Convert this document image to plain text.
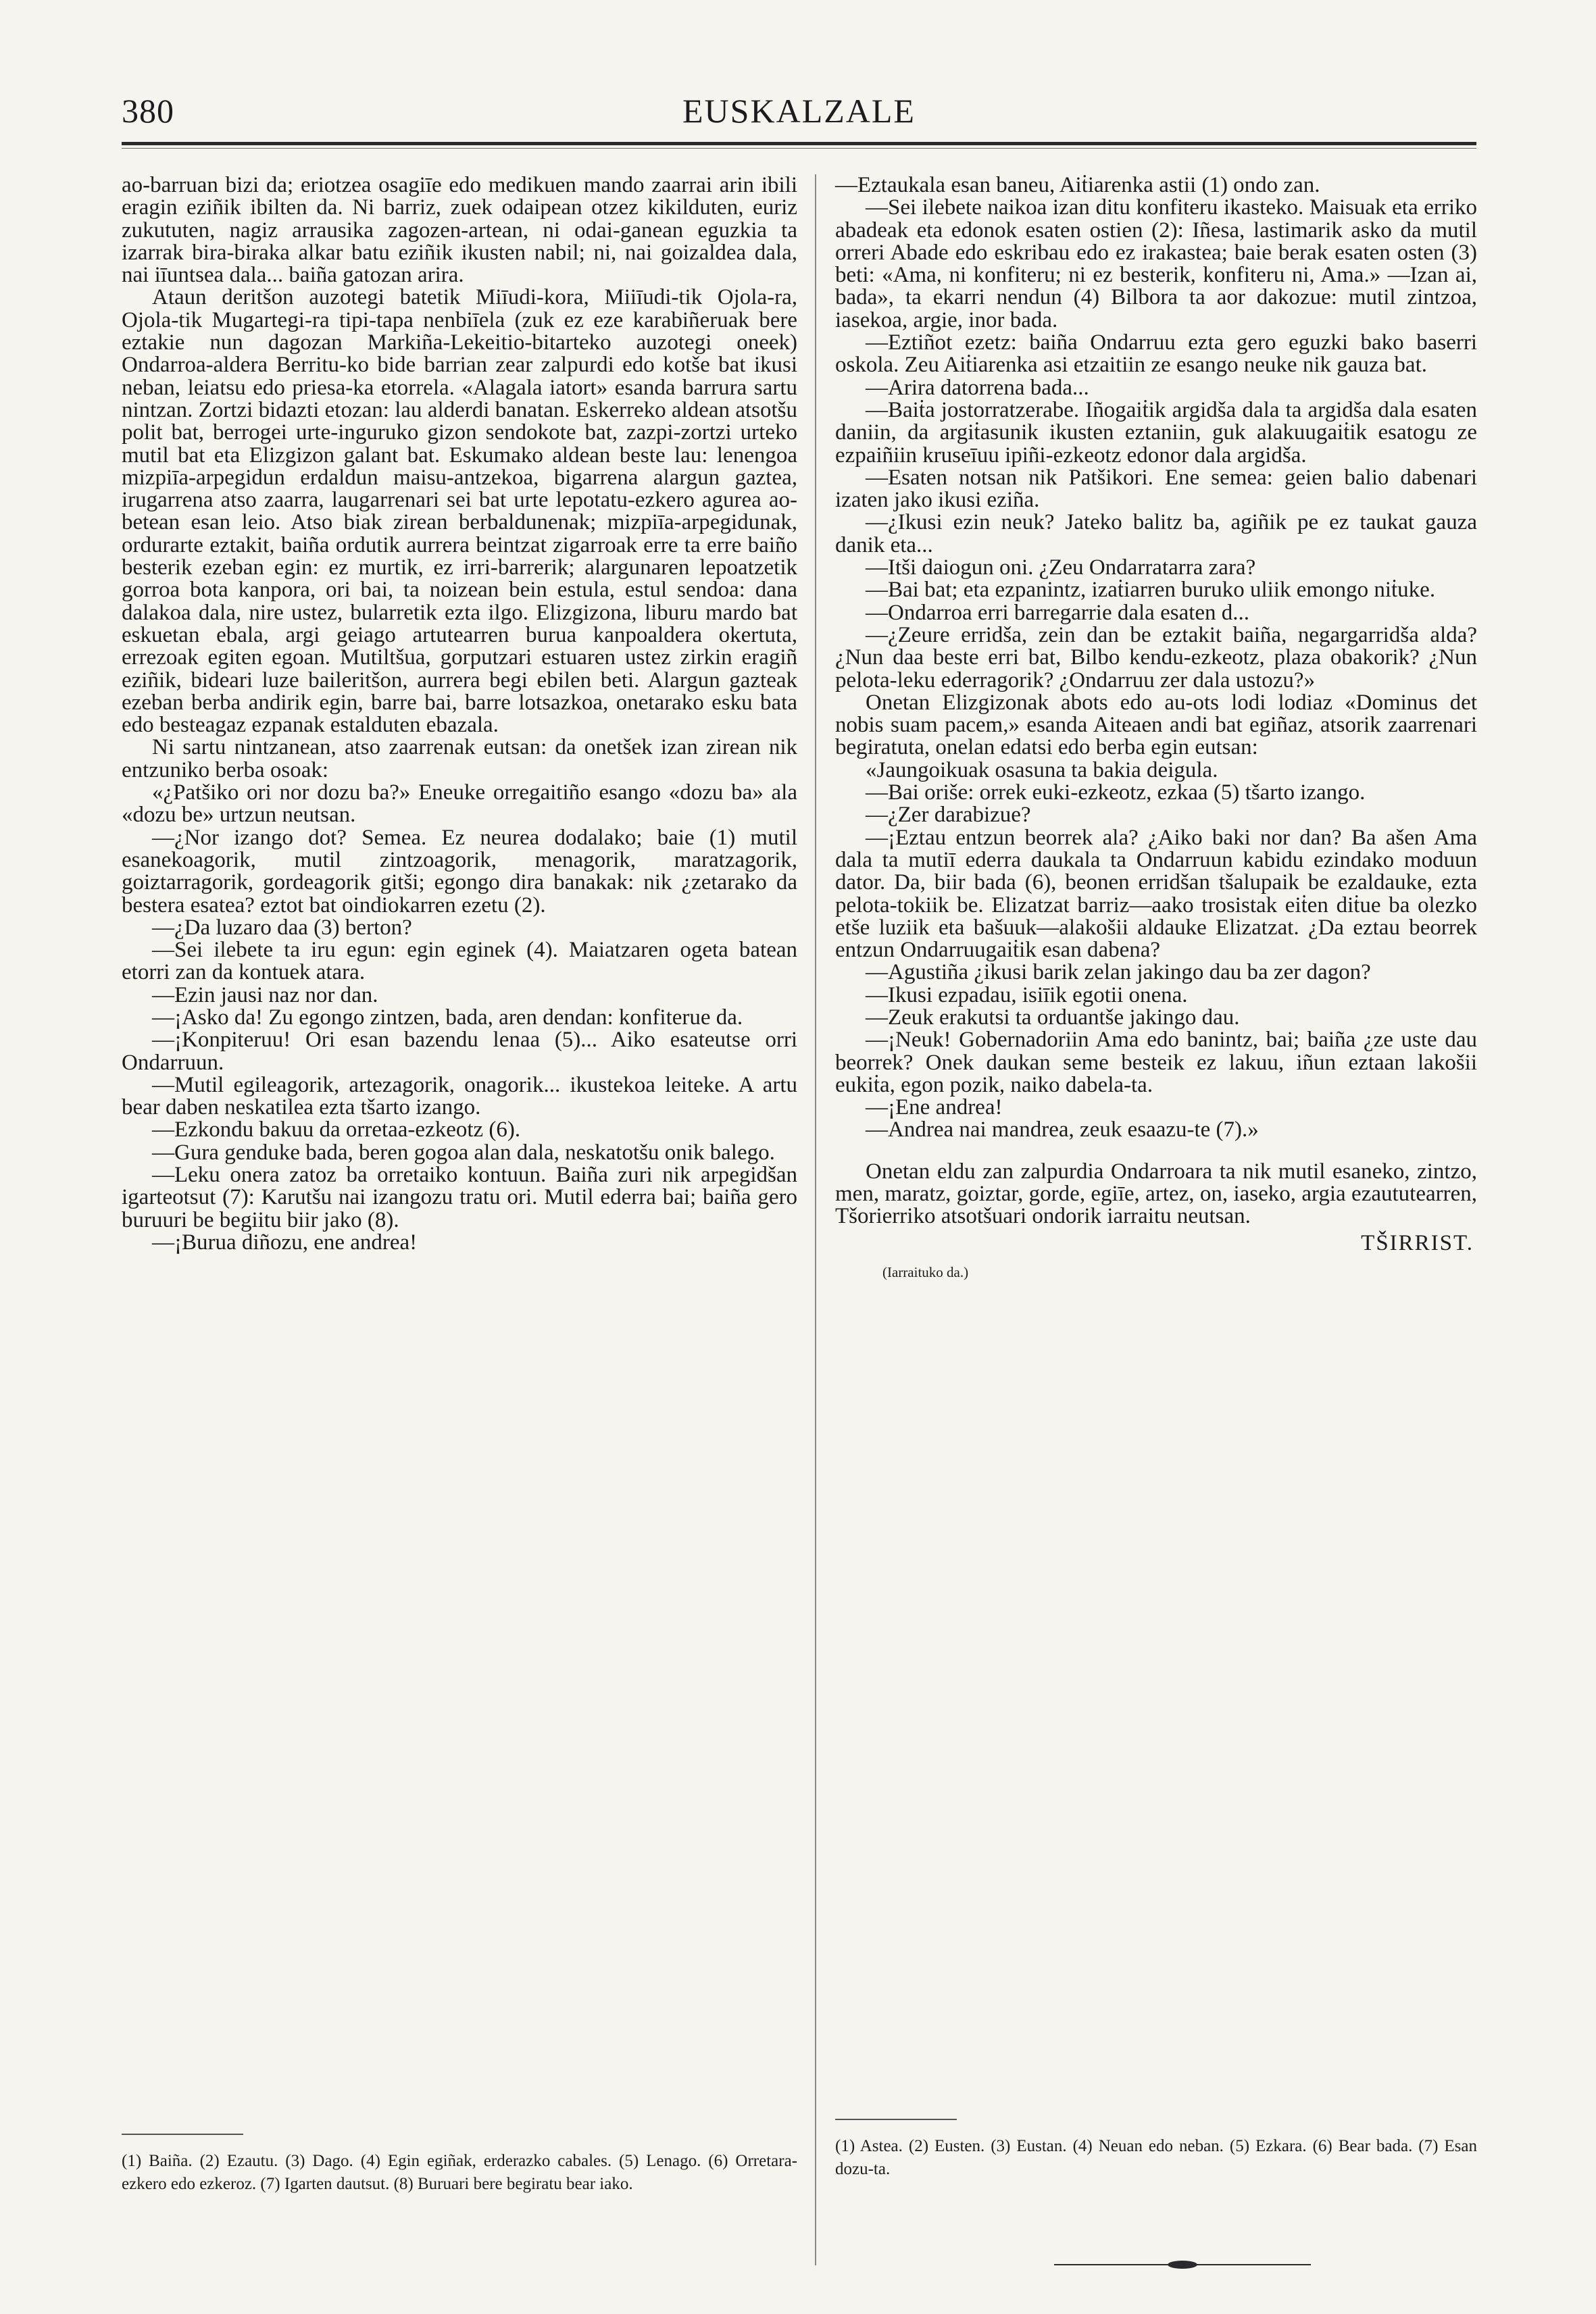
380	EUSKALZALE

ao-barruan bizi da; eriotzea osagiīe edo medikuen mando zaarrai arin ibili eragin eziñik ibilten da. Ni barriz, zuek odaipean otzez kikilduten, euriz zukututen, nagiz arrausika zagozen-artean, ni odai-ganean eguzkia ta izarrak bira-biraka alkar batu eziñik ikusten nabil; ni, nai goizaldea dala, nai iīuntsea dala... baiña gatozan arira.

Ataun deritšon auzotegi batetik Miīudi-kora, Miiīudi-tik Ojola-ra, Ojola-tik Mugartegi-ra tipi-tapa nenbiīela (zuk ez eze karabiñeruak bere eztakie nun dagozan Markiña-Lekeitio-bitarteko auzotegi oneek) Ondarroa-aldera Berritu-ko bide barrian zear zalpurdi edo kotše bat ikusi neban, leiatsu edo priesa-ka etorrela. «Alagala iatort» esanda barrura sartu nintzan. Zortzi bidazti etozan: lau alderdi banatan. Eskerreko aldean atsotšu polit bat, berrogei urte-inguruko gizon sendokote bat, zazpi-zortzi urteko mutil bat eta Elizgizon galant bat. Eskumako aldean beste lau: lenengoa mizpiīa-arpegidun erdaldun maisu-antzekoa, bigarrena alargun gaztea, irugarrena atso zaarra, laugarrenari sei bat urte lepotatu-ezkero agurea ao-betean esan leio. Atso biak zirean berbaldunenak; mizpiīa-arpegidunak, ordurarte eztakit, baiña ordutik aurrera beintzat zigarroak erre ta erre baiño besterik ezeban egin: ez murtik, ez irri-barrerik; alargunaren lepoatzetik gorroa bota kanpora, ori bai, ta noizean bein estula, estul sendoa: dana dalakoa dala, nire ustez, bularretik ezta ilgo. Elizgizona, liburu mardo bat eskuetan ebala, argi geiago artutearren burua kanpoaldera okertuta, errezoak egiten egoan. Mutiltšua, gorputzari estuaren ustez zirkin eragiñ eziñik, bideari luze baileritšon, aurrera begi ebilen beti. Alargun gazteak ezeban berba andirik egin, barre bai, barre lotsazkoa, onetarako esku bata edo besteagaz ezpanak estalduten ebazala.

Ni sartu nintzanean, atso zaarrenak eutsan: da onetšek izan zirean nik entzuniko berba osoak:

«¿Patšiko ori nor dozu ba?» Eneuke orregaitiño esango «dozu ba» ala «dozu be» urtzun neutsan.

—¿Nor izango dot? Semea. Ez neurea dodalako; baie (1) mutil esanekoagorik, mutil zintzoagorik, menagorik, maratzagorik, goiztarragorik, gordeagorik gitši; egongo dira banakak: nik ¿zetarako da bestera esatea? eztot bat oindiokarren ezetu (2).

—¿Da luzaro daa (3) berton?

—Sei ilebete ta iru egun: egin eginek (4). Maiatzaren ogeta batean etorri zan da kontuek atara.

—Ezin jausi naz nor dan.

—¡Asko da! Zu egongo zintzen, bada, aren dendan: konfiterue da.

—¡Konpiteruu! Ori esan bazendu lenaa (5)... Aiko esateutse orri Ondarruun.

—Mutil egileagorik, artezagorik, onagorik... ikustekoa leiteke. A artu bear daben neskatilea ezta tšarto izango.

—Ezkondu bakuu da orretaa-ezkeotz (6).

—Gura genduke bada, beren gogoa alan dala, neskatotšu onik balego.

—Leku onera zatoz ba orretaiko kontuun. Baiña zuri nik arpegidšan igarteotsut (7): Karutšu nai izangozu tratu ori. Mutil ederra bai; baiña gero buruuri be begiitu biir jako (8).

—¡Burua diñozu, ene andrea!

(1) Baiña. (2) Ezautu. (3) Dago. (4) Egin egiñak, erderazko cabales. (5) Lenago. (6) Orretara-ezkero edo ezkeroz. (7) Igarten dautsut. (8) Buruari bere begiratu bear iako.

—Eztaukala esan baneu, Aiṫiarenka astii (1) ondo zan.

—Sei ilebete naikoa izan ditu konfiteru ikasteko. Maisuak eta erriko abadeak eta edonok esaten ostien (2): Iñesa, lastimarik asko da mutil orreri Abade edo eskribau edo ez irakastea; baie berak esaten osten (3) beti: «Ama, ni konfiteru; ni ez besterik, konfiteru ni, Ama.» —Izan ai, bada», ta ekarri nendun (4) Bilbora ta aor dakozue: mutil zintzoa, iasekoa, argie, inor bada.

—Eztiñot ezetz: baiña Ondarruu ezta gero eguzki bako baserri oskola. Zeu Aiṫiarenka asi etzaitiin ze esango neuke nik gauza bat.

—Arira datorrena bada...

—Baiṫa jostorratzerabe. Iñogaiṫik argidša dala ta argidša dala esaten daniin, da argiṫasunik ikusten eztaniin, guk alakuugaiṫik esatogu ze ezpaiñiin kruseīuu ipiñi-ezkeotz edonor dala argidša.

—Esaten notsan nik Patšikori. Ene semea: geien balio dabenari izaten jako ikusi eziña.

—¿Ikusi ezin neuk? Jateko balitz ba, agiñik pe ez taukat gauza danik eta...

—Itši daiogun oni. ¿Zeu Ondarratarra zara?

—Bai bat; eta ezpanintz, izaṫiarren buruko uliik emongo niṫuke.

—Ondarroa erri barregarrie dala esaten d...

—¿Zeure erridša, zein dan be eztakit baiña, negargarridša alda? ¿Nun daa beste erri bat, Bilbo kendu-ezkeotz, plaza obakorik? ¿Nun pelota-leku ederragorik? ¿Ondarruu zer dala ustozu?»

Onetan Elizgizonak abots edo au-ots lodi lodiaz «Dominus det nobis suam pacem,» esanda Aiteaen andi bat egiñaz, atsorik zaarrenari begiratuta, onelan edatsi edo berba egin eutsan:

«Jaungoikuak osasuna ta bakia deigula.

—Bai oriše: orrek euki-ezkeotz, ezkaa (5) tšarto izango.

—¿Zer darabizue?

—¡Eztau entzun beorrek ala? ¿Aiko baki nor dan? Ba ašen Ama dala ta mutiī ederra daukala ta Ondarruun kabidu ezindako moduun dator. Da, biir bada (6), beonen erridšan tšalupaik be ezaldauke, ezta pelota-tokiik be. Elizatzat barriz—aako trosistak eiṫen diṫue ba olezko etše luziik eta bašuuk—alakošii aldauke Elizatzat. ¿Da eztau beorrek entzun Ondarruugaiṫik esan dabena?

—Agustiña ¿ikusi barik zelan jakingo dau ba zer dagon?

—Ikusi ezpadau, isiīik egotii onena.

—Zeuk erakutsi ta orduantše jakingo dau.

—¡Neuk! Gobernadoriin Ama edo banintz, bai; baiña ¿ze uste dau beorrek? Onek daukan seme besteik ez lakuu, iñun eztaan lakošii eukiṫa, egon pozik, naiko dabela-ta.

—¡Ene andrea!

—Andrea nai mandrea, zeuk esaazu-te (7).»

Onetan eldu zan zalpurdia Ondarroara ta nik mutil esaneko, zintzo, men, maratz, goiztar, gorde, egiīe, artez, on, iaseko, argia ezaututearren, Tšorierriko atsotšuari ondorik iarraitu neutsan.

TŠIRRIST.
(Iarraituko da.)
(1) Astea. (2) Eusten. (3) Eustan. (4) Neuan edo neban. (5) Ezkara. (6) Bear bada. (7) Esan dozu-ta.
